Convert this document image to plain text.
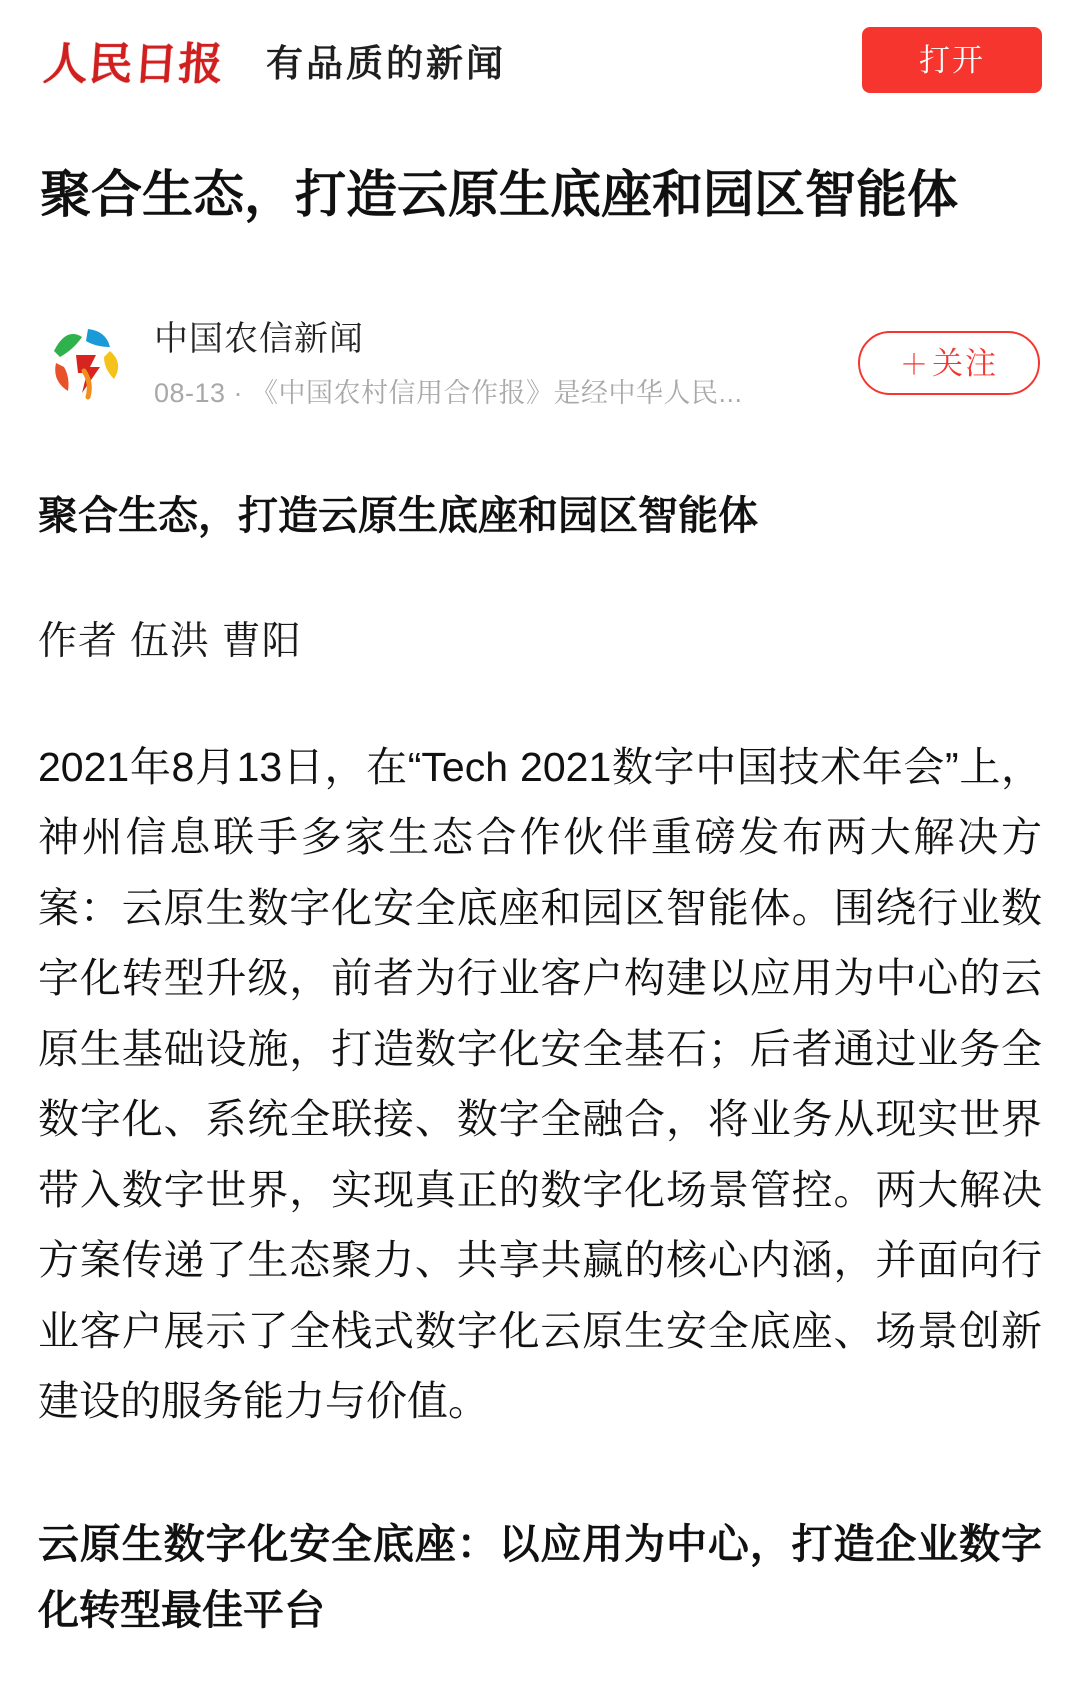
人民日报 有品质的新闻	打开
聚合生态，打造云原生底座和园区智能体
中国农信新闻
08-13 · 《中国农村信用合作报》是经中华人民...
＋关注
聚合生态，打造云原生底座和园区智能体
作者 伍洪 曹阳

2021年8月13日，在“Tech 2021数字中国技术年会”上，神州信息联手多家生态合作伙伴重磅发布两大解决方案：云原生数字化安全底座和园区智能体。围绕行业数字化转型升级，前者为行业客户构建以应用为中心的云原生基础设施，打造数字化安全基石；后者通过业务全数字化、系统全联接、数字全融合，将业务从现实世界带入数字世界，实现真正的数字化场景管控。两大解决方案传递了生态聚力、共享共赢的核心内涵，并面向行业客户展示了全栈式数字化云原生安全底座、场景创新建设的服务能力与价值。

云原生数字化安全底座：以应用为中心，打造企业数字化转型最佳平台
